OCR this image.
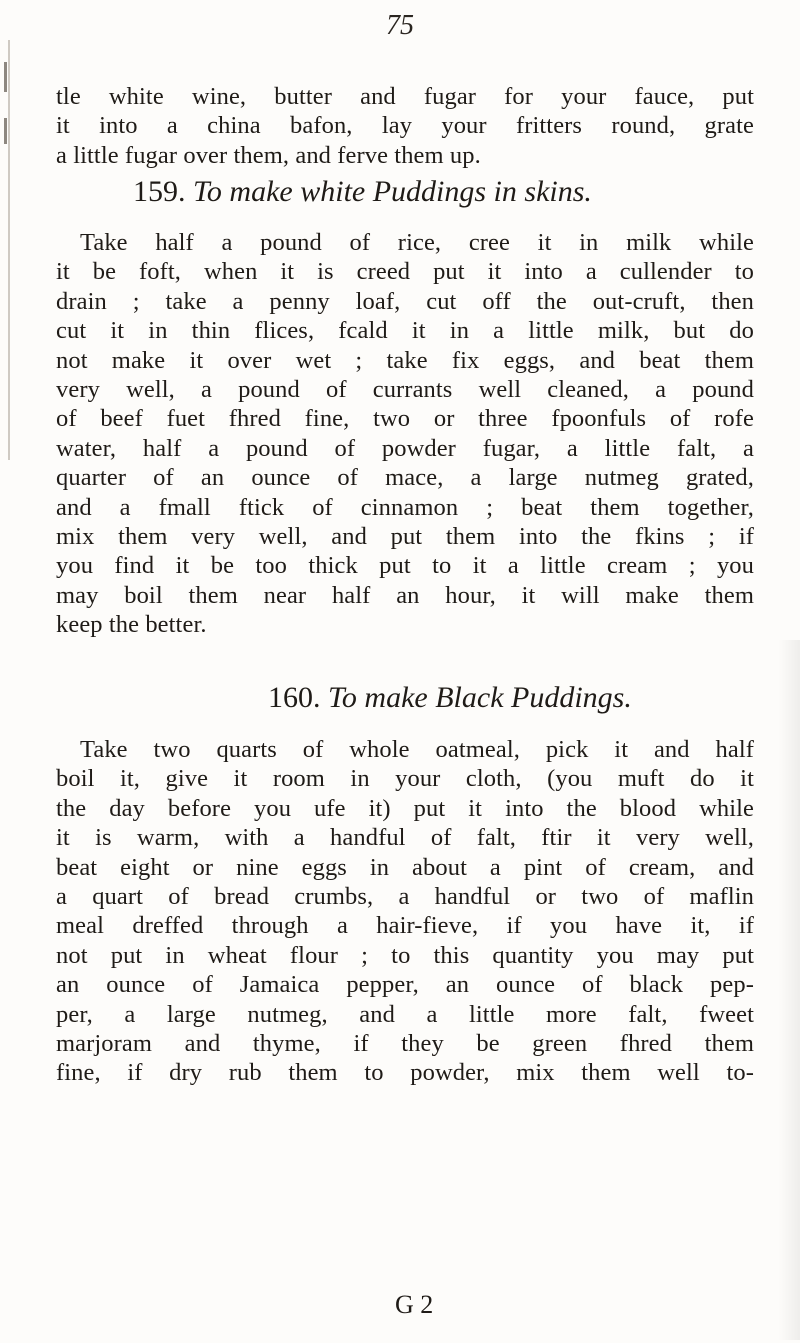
75
tle white wine, butter and fugar for your fauce, put
it into a china bafon, lay your fritters round, grate
a little fugar over them, and ferve them up.
159. To make white Puddings in skins.
Take half a pound of rice, cree it in milk while
it be foft, when it is creed put it into a cullender to
drain ; take a penny loaf, cut off the out-cruft, then
cut it in thin flices, fcald it in a little milk, but do
not make it over wet ; take fix eggs, and beat them
very well, a pound of currants well cleaned, a pound
of beef fuet fhred fine, two or three fpoonfuls of rofe
water, half a pound of powder fugar, a little falt, a
quarter of an ounce of mace, a large nutmeg grated,
and a fmall ftick of cinnamon ; beat them together,
mix them very well, and put them into the fkins ; if
you find it be too thick put to it a little cream ; you
may boil them near half an hour, it will make them
keep the better.
160. To make Black Puddings.
Take two quarts of whole oatmeal, pick it and half
boil it, give it room in your cloth, (you muft do it
the day before you ufe it) put it into the blood while
it is warm, with a handful of falt, ftir it very well,
beat eight or nine eggs in about a pint of cream, and
a quart of bread crumbs, a handful or two of maflin
meal dreffed through a hair-fieve, if you have it, if
not put in wheat flour ; to this quantity you may put
an ounce of Jamaica pepper, an ounce of black pep-
per, a large nutmeg, and a little more falt, fweet
marjoram and thyme, if they be green fhred them
fine, if dry rub them to powder, mix them well to-
G 2
